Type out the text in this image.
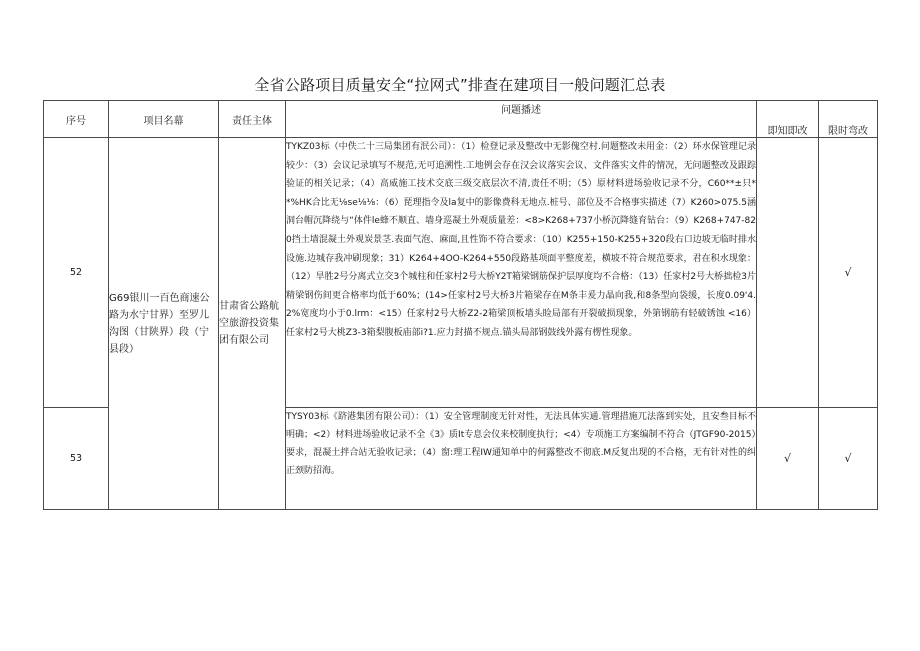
全省公路项目质量安全“拉网式”排查在建项目一般问题汇总表
序号	项目名幕	责任主体	问题播述	即知即改	限时弯改
52	G69银川一百色商速公路为水宁甘界）至罗儿沟图（甘陕界）段（宁县段）	甘肃省公路航空旅游投资集团有限公司	TYKZ03标（中佚二十三局集团有泯公司）：（1）检登记录及整改中无影傀空村.问题整改未用金：（2）环水保管理记录较少：（3）会议记录填写不规范,无可追溯性.工地例会存在汉会议落实会议、文件落实文件的情况，无问题整改及跟踪验证的相关记录；（4）高威施工技术交底三级交底层次不清,责任不明；（5）原材料进场验收记录不分，C60**±只**%HK合比无⅛se⅛⅛：（6）琵理指令及la复中的影像费科无地点.桩号、部位及不合格事实描述（7）K260>075.5涵洞台帽沉降绕与“体件le蜂不顺直、墙身巡凝土外观质量差：<8>K268+737小桥沉降缝育钻台：（9）K268+747-820挡土墙混凝土外观炭景茎.表面气泡、麻面,且性饰不符合要求：（10）K255+150-K255+320段右口边坡无临时排水设施.边城存我冲刷现象；31）K264+4OO-K264+550段路基项面平整度差，横坡不符合规范要求，君在积水现象：（12）旱胜2号分离式立交3个城柱和任家村2号大桥Y2T箱梁钢筋保护层厚度均不合格：（13）任家村2号大桥拙检3片精梁钢伤间更合格率均低于60%；(14>任家村2号大桥3片箱梁存在M条丰爰力晶向我,和8条型向袋缓，长度0.09'4.2%宽度均小于0.lrm：<15）任家村2号大桥Z2-2箱梁顶板墙头睑局部有开裂破损现象，外第钢筋有轻破锈蚀 <16）任家村2号大桃Z3-3箱梨腹板庙部i?1.应力封描不规点.锚头局部钢鼓线外露有楞性现象。		√
53			TYSY03标《跻港集团有限公司）：（1）安全管理制度无针对性，无法具体实通.管理措施兀法落到实处，且安叁目标不明确；<2）材料进场验收记录不全《3》质It专息会仪来校制度执行；<4）专项施工方案编制不符合（JTGF90-2015）要求，混凝土拌合站无验收记录；（4）窗:理工程IW通知单中的何露整改不彻底.M反复出现的不合格，无有针对性的纠正颈防招海。	√	√
